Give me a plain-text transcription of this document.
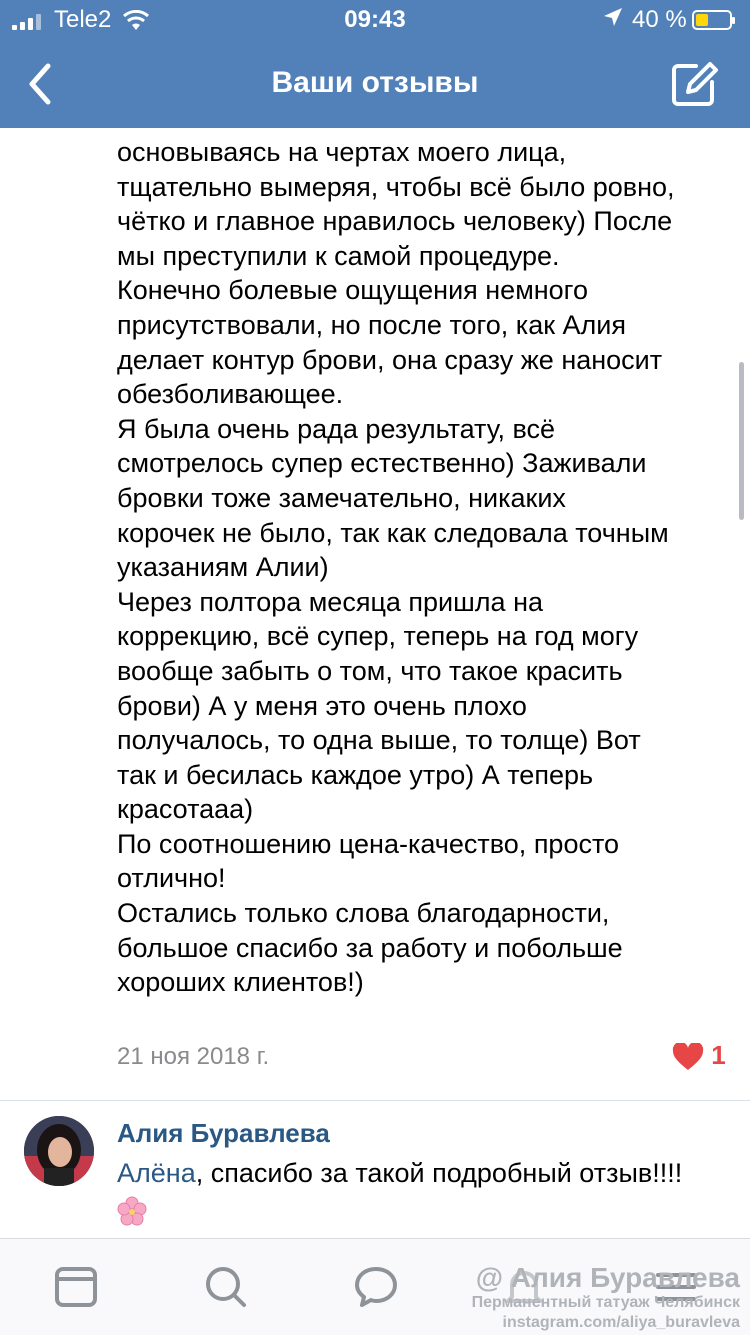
Tele2	09:43	40 %
Ваши отзывы

основываясь на чертах моего лица,

тщательно вымеряя, чтобы всё было ровно,

чётко и главное нравилось человеку) После

мы преступили к самой процедуре.

Конечно болевые ощущения немного

присутствовали, но после того, как Алия

делает контур брови, она сразу же наносит

обезболивающее.

Я была очень рада результату, всё

смотрелось супер естественно) Заживали

бровки тоже замечательно, никаких

корочек не было, так как следовала точным

указаниям Алии)

Через полтора месяца пришла на

коррекцию, всё супер, теперь на год могу

вообще забыть о том, что такое красить

брови) А у меня это очень плохо

получалось, то одна выше, то толще) Вот

так и бесилась каждое утро) А теперь

красотааа)

По соотношению цена-качество, просто

отлично!

Остались только слова благодарности,

большое спасибо за работу и побольше

хороших клиентов!)

21 ноя 2018 г.	1
Алия Буравлева
Алёна, спасибо за такой подробный отзыв!!!!
@ Алия Буравлева
Перманентный татуаж Челябинск
instagram.com/aliya_buravleva
